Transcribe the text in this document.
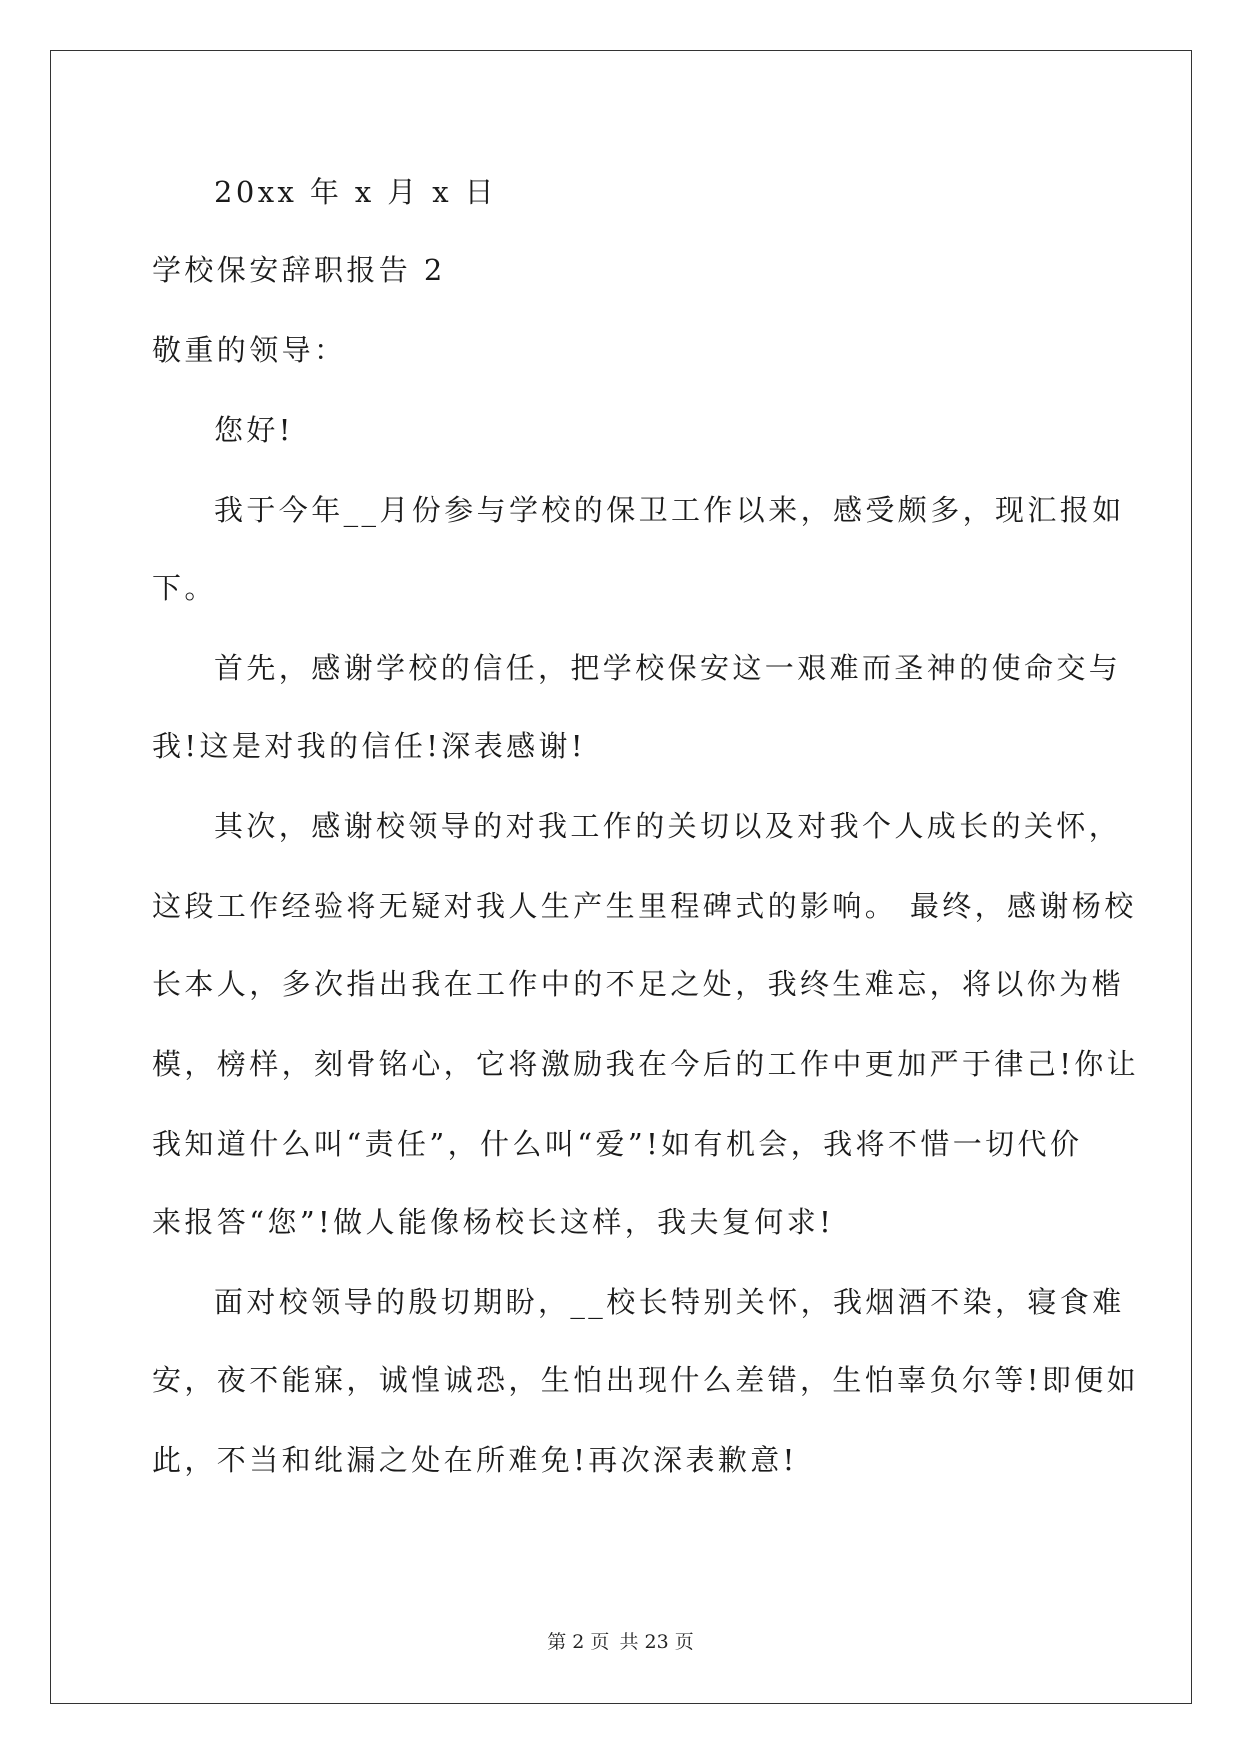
20xx 年 x 月 x 日
学校保安辞职报告 2
敬重的领导：
您好!
我于今年__月份参与学校的保卫工作以来，感受颇多，现汇报如
下。
首先，感谢学校的信任，把学校保安这一艰难而圣神的使命交与
我!这是对我的信任!深表感谢!
其次，感谢校领导的对我工作的关切以及对我个人成长的关怀，
这段工作经验将无疑对我人生产生里程碑式的影响。 最终，感谢杨校
长本人，多次指出我在工作中的不足之处，我终生难忘，将以你为楷
模，榜样，刻骨铭心，它将激励我在今后的工作中更加严于律己!你让
我知道什么叫“责任”，什么叫“爱”!如有机会，我将不惜一切代价
来报答“您”!做人能像杨校长这样，我夫复何求!
面对校领导的殷切期盼，__校长特别关怀，我烟酒不染，寝食难
安，夜不能寐，诚惶诚恐，生怕出现什么差错，生怕辜负尔等!即便如
此，不当和纰漏之处在所难免!再次深表歉意!
第 2 页 共 23 页
